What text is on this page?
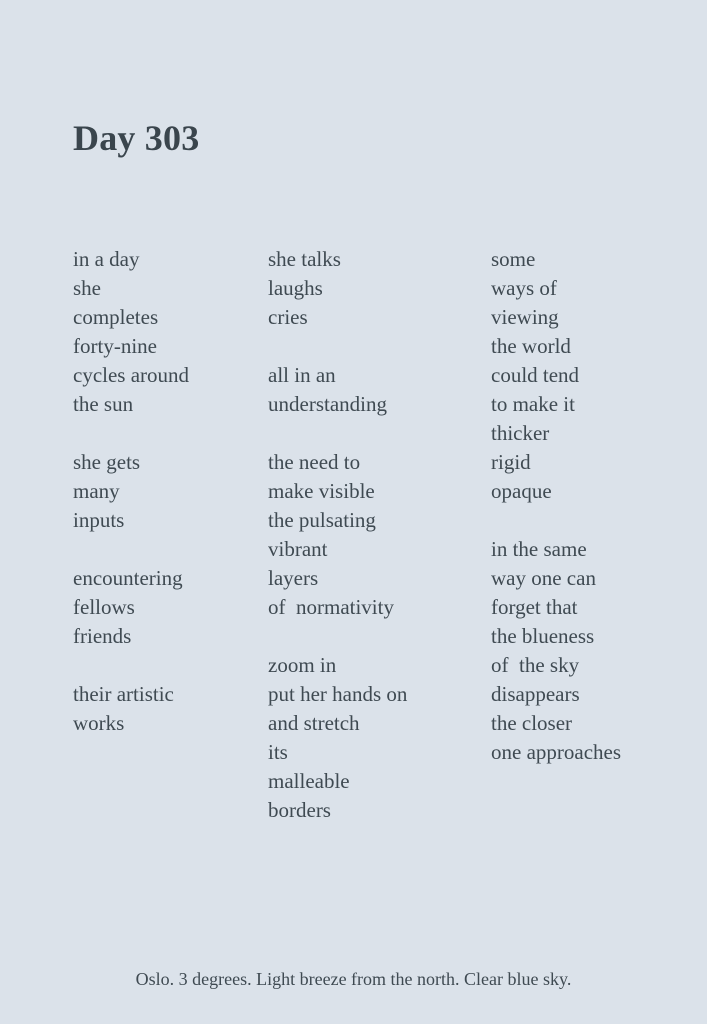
Day 303
in a day
she
completes
forty-nine
cycles around
the sun
she gets
many
inputs
encountering
fellows
friends
their artistic
works
she talks
laughs
cries
all in an
understanding
the need to
make visible
the pulsating
vibrant
layers
of  normativity
zoom in
put her hands on
and stretch
its
malleable
borders
some
ways of
viewing
the world
could tend
to make it
thicker
rigid
opaque
in the same
way one can
forget that
the blueness
of  the sky
disappears
the closer
one approaches
Oslo. 3 degrees. Light breeze from the north. Clear blue sky.
